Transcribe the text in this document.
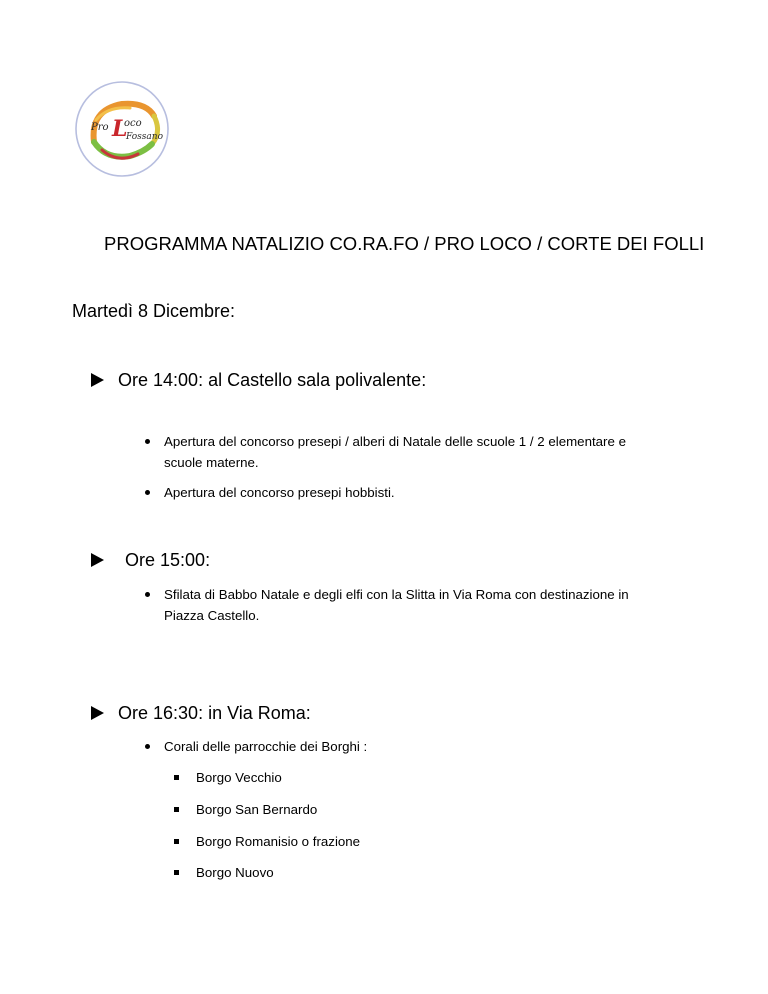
Pro L
oco
Fossano
PROGRAMMA NATALIZIO CO.RA.FO / PRO LOCO / CORTE DEI FOLLI
Martedì 8 Dicembre:
Ore 14:00: al Castello sala polivalente:
Apertura del concorso presepi / alberi di Natale delle scuole 1 / 2 elementare e
scuole materne.
Apertura del concorso presepi hobbisti.
Ore 15:00:
Sfilata di Babbo Natale e degli elfi con la Slitta in Via Roma con destinazione in
Piazza Castello.
Ore 16:30: in Via Roma:
Corali delle parrocchie dei Borghi :
Borgo Vecchio
Borgo San Bernardo
Borgo Romanisio o frazione
Borgo Nuovo
